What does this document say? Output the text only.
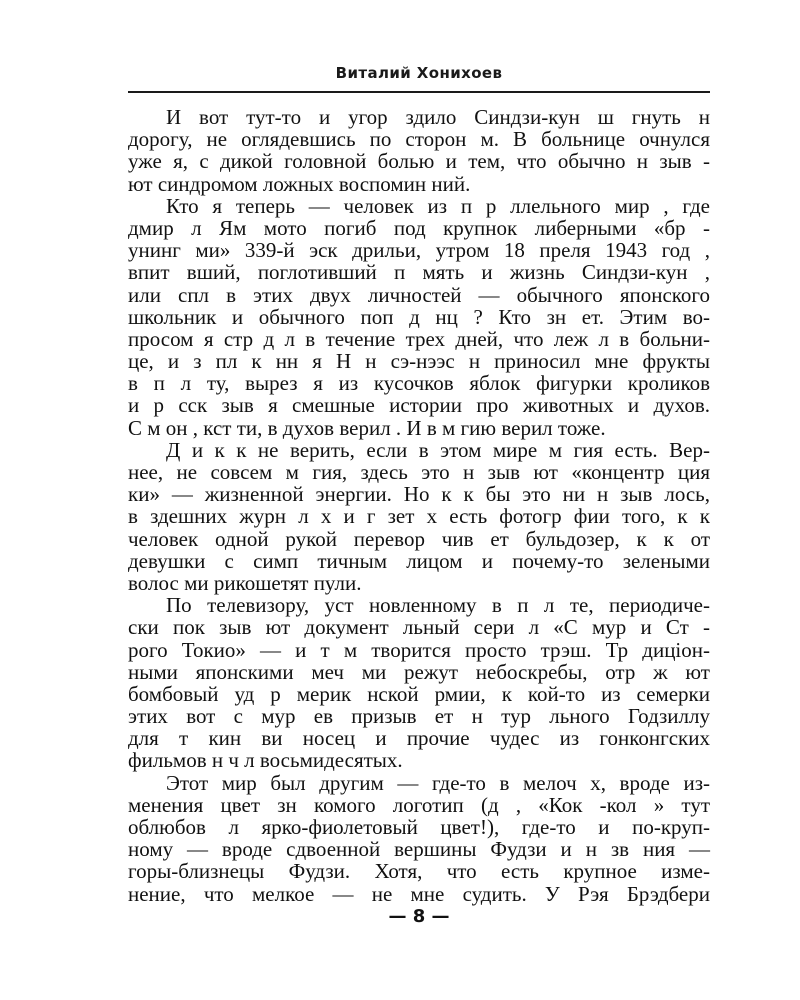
Виталий Хонихоев
И вот тут-то и угор здило Синдзи-кун ш гнуть н
дорогу, не оглядевшись по сторон м. В больнице очнулся
уже я, с дикой головной болью и тем, что обычно н зыв -
ют синдромом ложных воспомин ний.
Кто я теперь — человек из п р ллельного мир , где
дмир л Ям мото погиб под крупнок либерными «бр -
унинг ми» 339-й эск дрильи, утром 18 преля 1943 год ,
впит вший, поглотивший п мять и жизнь Синдзи-кун ,
или спл в этих двух личностей — обычного японского
школьник и обычного поп д нц ? Кто зн ет. Этим во-
просом я стр д л в течение трех дней, что леж л в больни-
це, и з пл к нн я Н н сэ-нээс н приносил мне фрукты
в п л ту, вырез я из кусочков яблок фигурки кроликов
и р сск зыв я смешные истории про животных и духов.
С м он , кст ти, в духов верил . И в м гию верил тоже.
Д и к к не верить, если в этом мире м гия есть. Вер-
нее, не совсем м гия, здесь это н зыв ют «концентр ция
ки» — жизненной энергии. Но к к бы это ни н зыв лось,
в здешних журн л х и г зет х есть фотогр фии того, к к
человек одной рукой перевор чив ет бульдозер, к к от
девушки с симп тичным лицом и почему-то зелеными
волос ми рикошетят пули.
По телевизору, уст новленному в п л те, периодиче-
ски пок зыв ют документ льный сери л «С мур и Ст -
рого Токио» — и т м творится просто трэш. Тр диціон-
ными японскими меч ми режут небоскребы, отр ж ют
бомбовый уд р мерик нской рмии, к кой-то из семерки
этих вот с мур ев призыв ет н тур льного Годзиллу
для т кин ви носец и прочие чудес из гонконгских
фильмов н ч л восьмидесятых.
Этот мир был другим — где-то в мелоч х, вроде из-
менения цвет зн комого логотип (д , «Кок -кол » тут
облюбов л ярко-фиолетовый цвет!), где-то и по-круп-
ному — вроде сдвоенной вершины Фудзи и н зв ния —
горы-близнецы Фудзи. Хотя, что есть крупное изме-
нение, что мелкое — не мне судить. У Рэя Брэдбери
— 8 —
